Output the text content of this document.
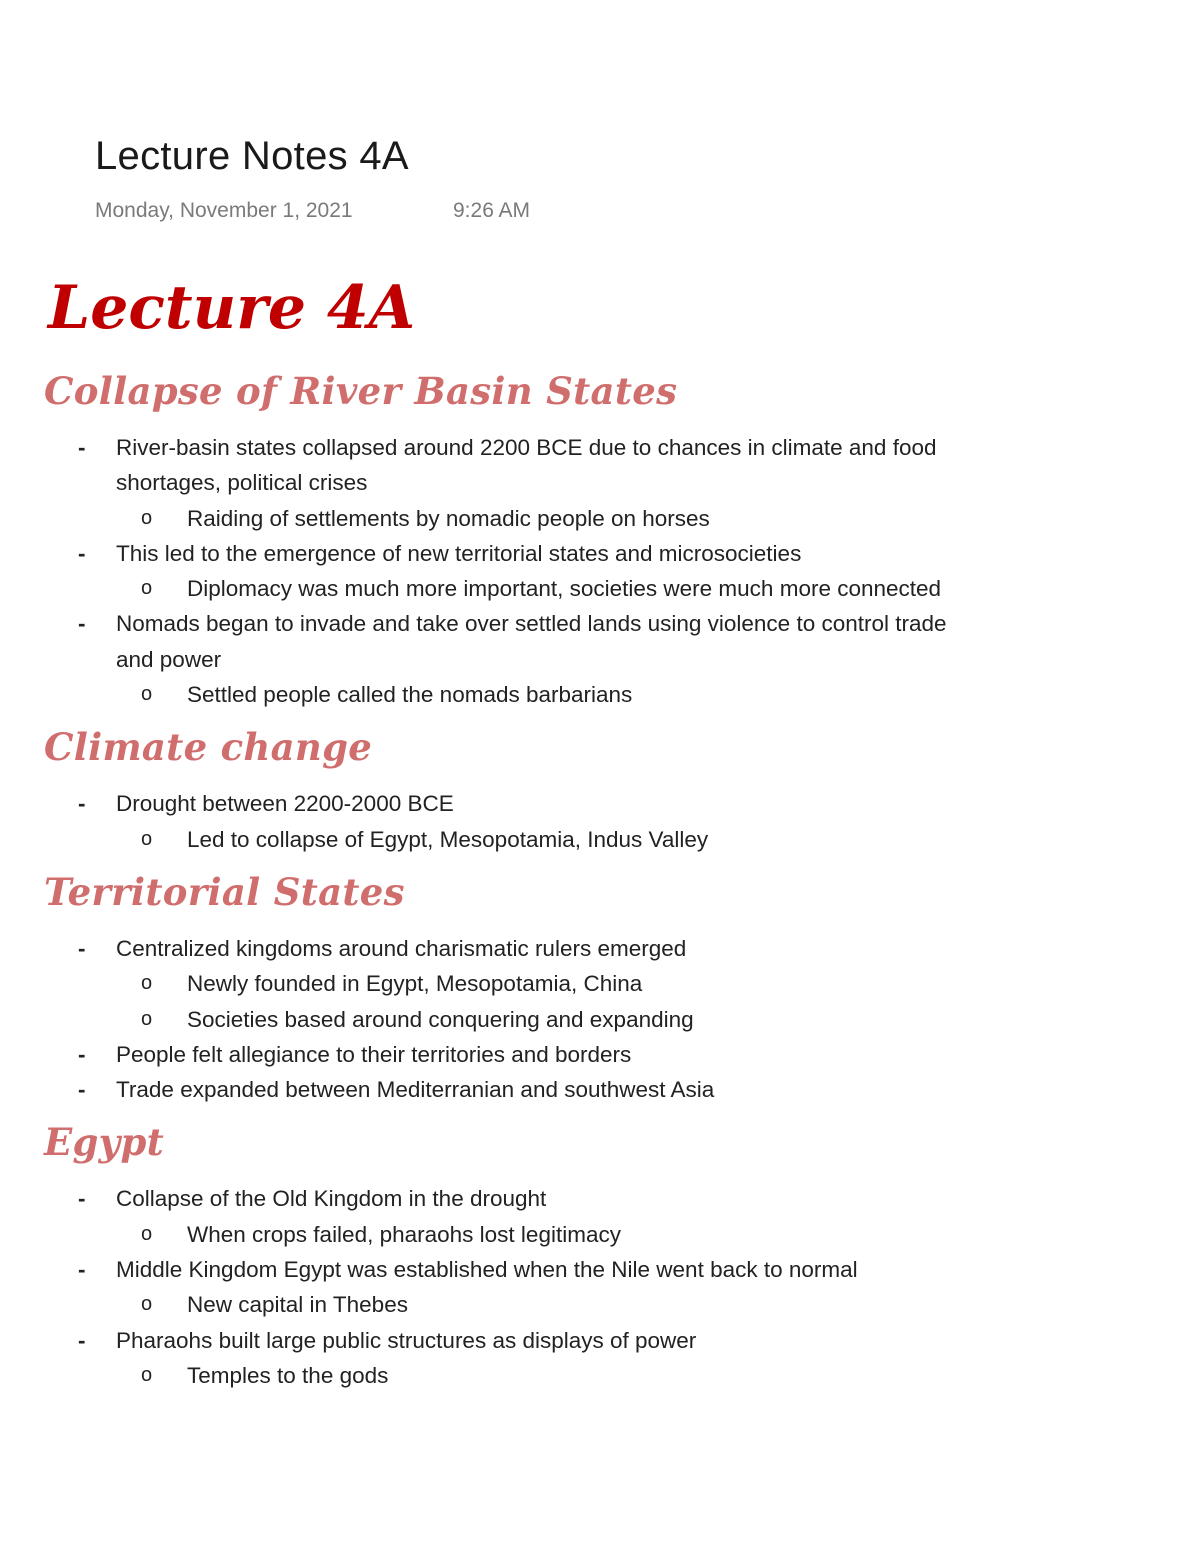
Lecture Notes 4A
Monday, November 1, 2021	9:26 AM
Lecture 4A
Collapse of River Basin States
- River-basin states collapsed around 2200 BCE due to chances in climate and food shortages, political crises
o Raiding of settlements by nomadic people on horses
- This led to the emergence of new territorial states and microsocieties
o Diplomacy was much more important, societies were much more connected
- Nomads began to invade and take over settled lands using violence to control trade and power
o Settled people called the nomads barbarians
Climate change
- Drought between 2200-2000 BCE
o Led to collapse of Egypt, Mesopotamia, Indus Valley
Territorial States
- Centralized kingdoms around charismatic rulers emerged
o Newly founded in Egypt, Mesopotamia, China
o Societies based around conquering and expanding
- People felt allegiance to their territories and borders
- Trade expanded between Mediterranian and southwest Asia
Egypt
- Collapse of the Old Kingdom in the drought
o When crops failed, pharaohs lost legitimacy
- Middle Kingdom Egypt was established when the Nile went back to normal
o New capital in Thebes
- Pharaohs built large public structures as displays of power
o Temples to the gods
